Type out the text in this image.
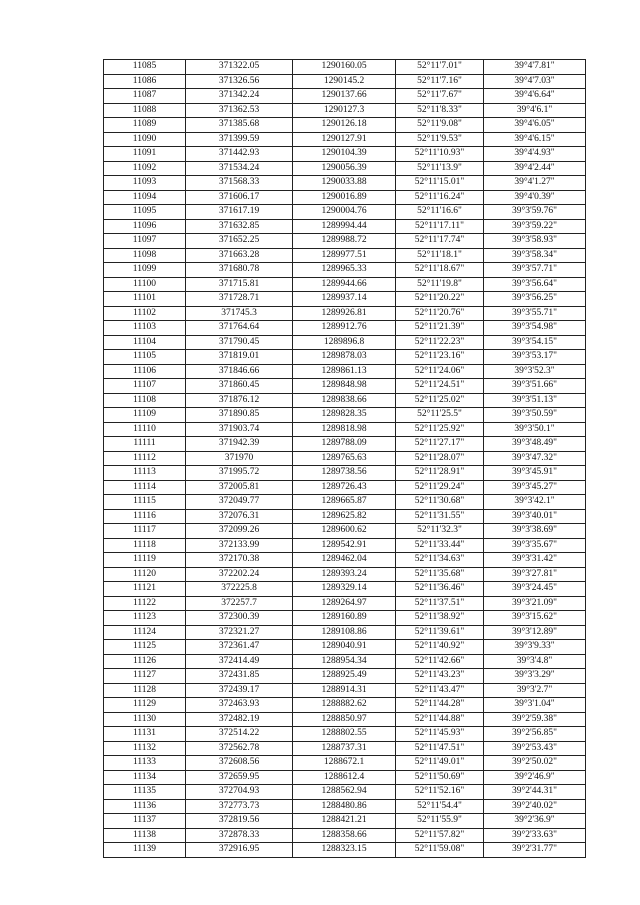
11085	371322.05	1290160.05	52°11'7.01"	39°4'7.81"
11086	371326.56	1290145.2	52°11'7.16"	39°4'7.03"
11087	371342.24	1290137.66	52°11'7.67"	39°4'6.64"
11088	371362.53	1290127.3	52°11'8.33"	39°4'6.1"
11089	371385.68	1290126.18	52°11'9.08"	39°4'6.05"
11090	371399.59	1290127.91	52°11'9.53"	39°4'6.15"
11091	371442.93	1290104.39	52°11'10.93"	39°4'4.93"
11092	371534.24	1290056.39	52°11'13.9"	39°4'2.44"
11093	371568.33	1290033.88	52°11'15.01"	39°4'1.27"
11094	371606.17	1290016.89	52°11'16.24"	39°4'0.39"
11095	371617.19	1290004.76	52°11'16.6"	39°3'59.76"
11096	371632.85	1289994.44	52°11'17.11"	39°3'59.22"
11097	371652.25	1289988.72	52°11'17.74"	39°3'58.93"
11098	371663.28	1289977.51	52°11'18.1"	39°3'58.34"
11099	371680.78	1289965.33	52°11'18.67"	39°3'57.71"
11100	371715.81	1289944.66	52°11'19.8"	39°3'56.64"
11101	371728.71	1289937.14	52°11'20.22"	39°3'56.25"
11102	371745.3	1289926.81	52°11'20.76"	39°3'55.71"
11103	371764.64	1289912.76	52°11'21.39"	39°3'54.98"
11104	371790.45	1289896.8	52°11'22.23"	39°3'54.15"
11105	371819.01	1289878.03	52°11'23.16"	39°3'53.17"
11106	371846.66	1289861.13	52°11'24.06"	39°3'52.3"
11107	371860.45	1289848.98	52°11'24.51"	39°3'51.66"
11108	371876.12	1289838.66	52°11'25.02"	39°3'51.13"
11109	371890.85	1289828.35	52°11'25.5"	39°3'50.59"
11110	371903.74	1289818.98	52°11'25.92"	39°3'50.1"
11111	371942.39	1289788.09	52°11'27.17"	39°3'48.49"
11112	371970	1289765.63	52°11'28.07"	39°3'47.32"
11113	371995.72	1289738.56	52°11'28.91"	39°3'45.91"
11114	372005.81	1289726.43	52°11'29.24"	39°3'45.27"
11115	372049.77	1289665.87	52°11'30.68"	39°3'42.1"
11116	372076.31	1289625.82	52°11'31.55"	39°3'40.01"
11117	372099.26	1289600.62	52°11'32.3"	39°3'38.69"
11118	372133.99	1289542.91	52°11'33.44"	39°3'35.67"
11119	372170.38	1289462.04	52°11'34.63"	39°3'31.42"
11120	372202.24	1289393.24	52°11'35.68"	39°3'27.81"
11121	372225.8	1289329.14	52°11'36.46"	39°3'24.45"
11122	372257.7	1289264.97	52°11'37.51"	39°3'21.09"
11123	372300.39	1289160.89	52°11'38.92"	39°3'15.62"
11124	372321.27	1289108.86	52°11'39.61"	39°3'12.89"
11125	372361.47	1289040.91	52°11'40.92"	39°3'9.33"
11126	372414.49	1288954.34	52°11'42.66"	39°3'4.8"
11127	372431.85	1288925.49	52°11'43.23"	39°3'3.29"
11128	372439.17	1288914.31	52°11'43.47"	39°3'2.7"
11129	372463.93	1288882.62	52°11'44.28"	39°3'1.04"
11130	372482.19	1288850.97	52°11'44.88"	39°2'59.38"
11131	372514.22	1288802.55	52°11'45.93"	39°2'56.85"
11132	372562.78	1288737.31	52°11'47.51"	39°2'53.43"
11133	372608.56	1288672.1	52°11'49.01"	39°2'50.02"
11134	372659.95	1288612.4	52°11'50.69"	39°2'46.9"
11135	372704.93	1288562.94	52°11'52.16"	39°2'44.31"
11136	372773.73	1288480.86	52°11'54.4"	39°2'40.02"
11137	372819.56	1288421.21	52°11'55.9"	39°2'36.9"
11138	372878.33	1288358.66	52°11'57.82"	39°2'33.63"
11139	372916.95	1288323.15	52°11'59.08"	39°2'31.77"
